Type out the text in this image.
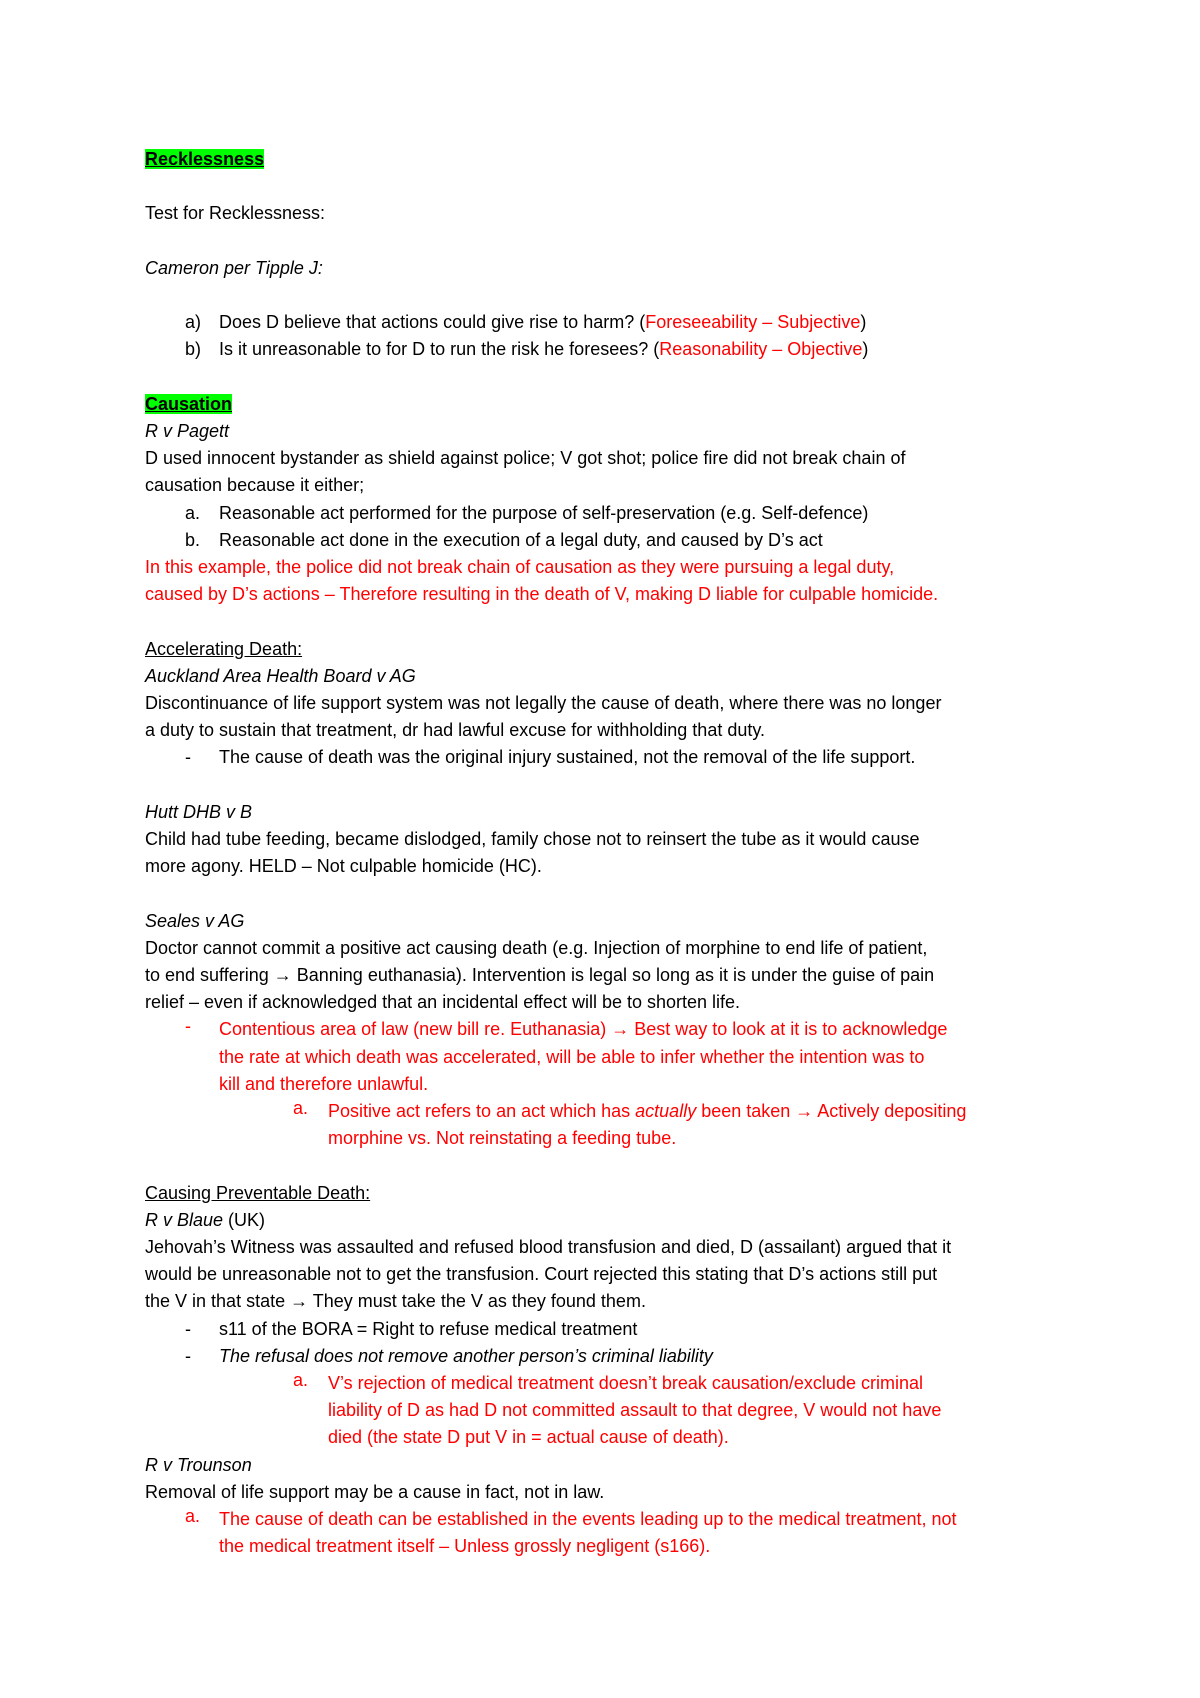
Recklessness
Test for Recklessness:
Cameron per Tipple J:
a) Does D believe that actions could give rise to harm? (Foreseeability – Subjective)
b) Is it unreasonable to for D to run the risk he foresees? (Reasonability – Objective)
Causation
R v Pagett
D used innocent bystander as shield against police; V got shot; police fire did not break chain of
causation because it either;
a. Reasonable act performed for the purpose of self-preservation (e.g. Self-defence)
b. Reasonable act done in the execution of a legal duty, and caused by D’s act
In this example, the police did not break chain of causation as they were pursuing a legal duty,
caused by D’s actions – Therefore resulting in the death of V, making D liable for culpable homicide.
Accelerating Death:
Auckland Area Health Board v AG
Discontinuance of life support system was not legally the cause of death, where there was no longer
a duty to sustain that treatment, dr had lawful excuse for withholding that duty.
- The cause of death was the original injury sustained, not the removal of the life support.
Hutt DHB v B
Child had tube feeding, became dislodged, family chose not to reinsert the tube as it would cause
more agony. HELD – Not culpable homicide (HC).
Seales v AG
Doctor cannot commit a positive act causing death (e.g. Injection of morphine to end life of patient,
to end suffering → Banning euthanasia). Intervention is legal so long as it is under the guise of pain
relief – even if acknowledged that an incidental effect will be to shorten life.
- Contentious area of law (new bill re. Euthanasia) → Best way to look at it is to acknowledge
the rate at which death was accelerated, will be able to infer whether the intention was to
kill and therefore unlawful.
a. Positive act refers to an act which has actually been taken → Actively depositing
morphine vs. Not reinstating a feeding tube.
Causing Preventable Death:
R v Blaue (UK)
Jehovah’s Witness was assaulted and refused blood transfusion and died, D (assailant) argued that it
would be unreasonable not to get the transfusion. Court rejected this stating that D’s actions still put
the V in that state → They must take the V as they found them.
- s11 of the BORA = Right to refuse medical treatment
- The refusal does not remove another person’s criminal liability
a. V’s rejection of medical treatment doesn’t break causation/exclude criminal
liability of D as had D not committed assault to that degree, V would not have
died (the state D put V in = actual cause of death).
R v Trounson
Removal of life support may be a cause in fact, not in law.
a. The cause of death can be established in the events leading up to the medical treatment, not
the medical treatment itself – Unless grossly negligent (s166).
